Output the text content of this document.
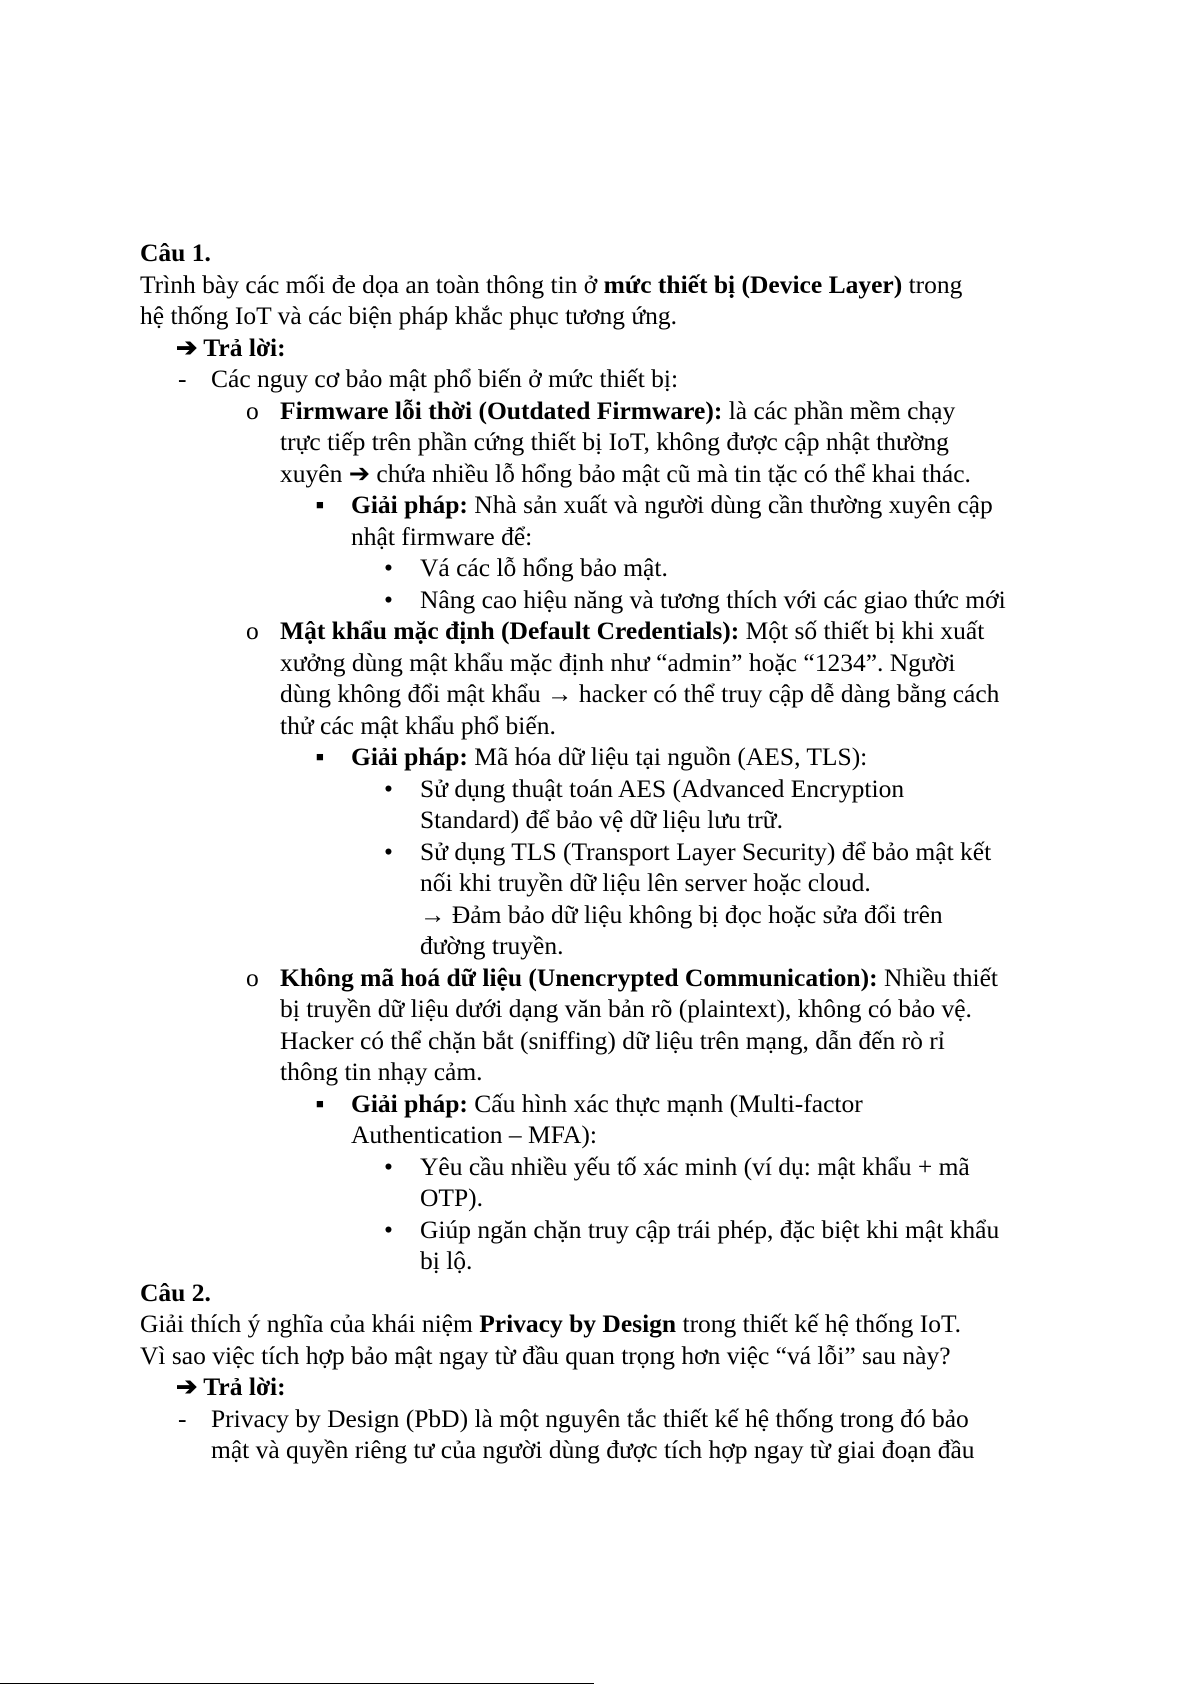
Câu 1.
Trình bày các mối đe dọa an toàn thông tin ở mức thiết bị (Device Layer) trong
hệ thống IoT và các biện pháp khắc phục tương ứng.
➔ Trả lời:
- Các nguy cơ bảo mật phổ biến ở mức thiết bị:
o Firmware lỗi thời (Outdated Firmware): là các phần mềm chạy
trực tiếp trên phần cứng thiết bị IoT, không được cập nhật thường
xuyên ➔ chứa nhiều lỗ hổng bảo mật cũ mà tin tặc có thể khai thác.
■ Giải pháp: Nhà sản xuất và người dùng cần thường xuyên cập
nhật firmware để:
• Vá các lỗ hổng bảo mật.
• Nâng cao hiệu năng và tương thích với các giao thức mới
o Mật khẩu mặc định (Default Credentials): Một số thiết bị khi xuất
xưởng dùng mật khẩu mặc định như “admin” hoặc “1234”. Người
dùng không đổi mật khẩu → hacker có thể truy cập dễ dàng bằng cách
thử các mật khẩu phổ biến.
■ Giải pháp: Mã hóa dữ liệu tại nguồn (AES, TLS):
• Sử dụng thuật toán AES (Advanced Encryption
Standard) để bảo vệ dữ liệu lưu trữ.
• Sử dụng TLS (Transport Layer Security) để bảo mật kết
nối khi truyền dữ liệu lên server hoặc cloud.
→ Đảm bảo dữ liệu không bị đọc hoặc sửa đổi trên
đường truyền.
o Không mã hoá dữ liệu (Unencrypted Communication): Nhiều thiết
bị truyền dữ liệu dưới dạng văn bản rõ (plaintext), không có bảo vệ.
Hacker có thể chặn bắt (sniffing) dữ liệu trên mạng, dẫn đến rò rỉ
thông tin nhạy cảm.
■ Giải pháp: Cấu hình xác thực mạnh (Multi-factor
Authentication – MFA):
• Yêu cầu nhiều yếu tố xác minh (ví dụ: mật khẩu + mã
OTP).
• Giúp ngăn chặn truy cập trái phép, đặc biệt khi mật khẩu
bị lộ.
Câu 2.
Giải thích ý nghĩa của khái niệm Privacy by Design trong thiết kế hệ thống IoT.
Vì sao việc tích hợp bảo mật ngay từ đầu quan trọng hơn việc “vá lỗi” sau này?
➔ Trả lời:
- Privacy by Design (PbD) là một nguyên tắc thiết kế hệ thống trong đó bảo
mật và quyền riêng tư của người dùng được tích hợp ngay từ giai đoạn đầu
